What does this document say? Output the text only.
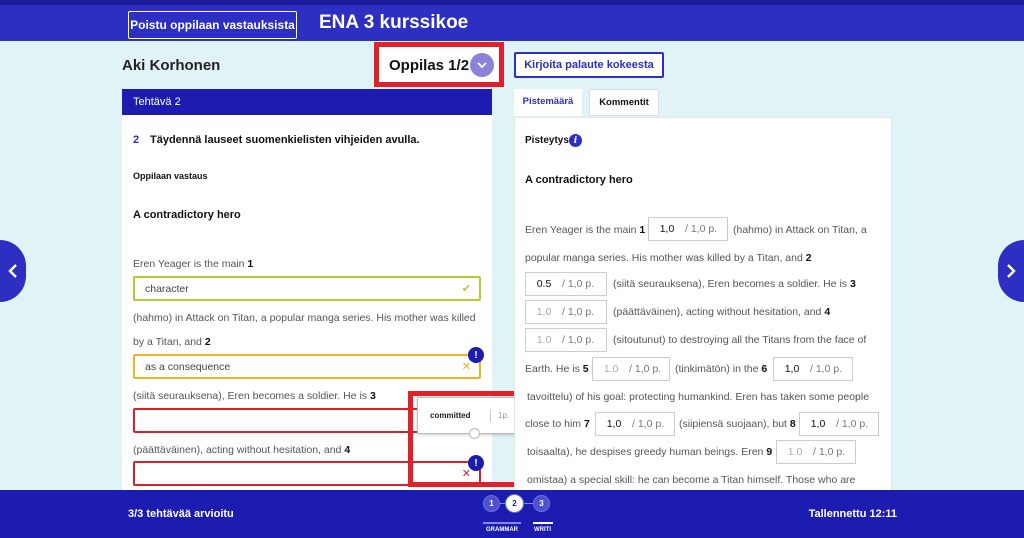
Poistu oppilaan vastauksista ENA 3 kurssikoe
Aki Korhonen	Oppilas 1/2	Kirjoita palaute kokeesta
Tehtävä 2
2 Täydennä lauseet suomenkielisten vihjeiden avulla.
Oppilaan vastaus
A contradictory hero
Eren Yeager is the main 1
character	✔
(hahmo) in Attack on Titan, a popular manga series. His mother was killed
by a Titan, and 2
as a consequence	✕
!
(siitä seurauksena), Eren becomes a soldier. He is 3
(päättäväinen), acting without hesitation, and 4
✕
!
committed	1p.
Pistemäärä	Kommentit
Pisteytys i
A contradictory hero
Eren Yeager is the main 1	1,0	/ 1,0 p. (hahmo) in Attack on Titan, a
popular manga series. His mother was killed by a Titan, and 2
0.5	/ 1,0 p. (siitä seurauksena), Eren becomes a soldier. He is 3
1.0	/ 1,0 p. (päättäväinen), acting without hesitation, and 4
1.0	/ 1,0 p. (sitoutunut) to destroying all the Titans from the face of
Earth. He is 5	1.0	/ 1,0 p. (tinkimätön) in the 6	1,0	/ 1,0 p.
tavoittelu) of his goal: protecting humankind. Eren has taken some people
close to him 7	1,0	/ 1,0 p. (siipiensä suojaan), but 8	1,0	/ 1,0 p.
toisaalta), he despises greedy human beings. Eren 9	1.0	/ 1,0 p.
omistaa) a special skill: he can become a Titan himself. Those who are
3/3 tehtävää arvioitu
1	2	3
GRAMMAR	WRITI
Tallennettu 12:11
